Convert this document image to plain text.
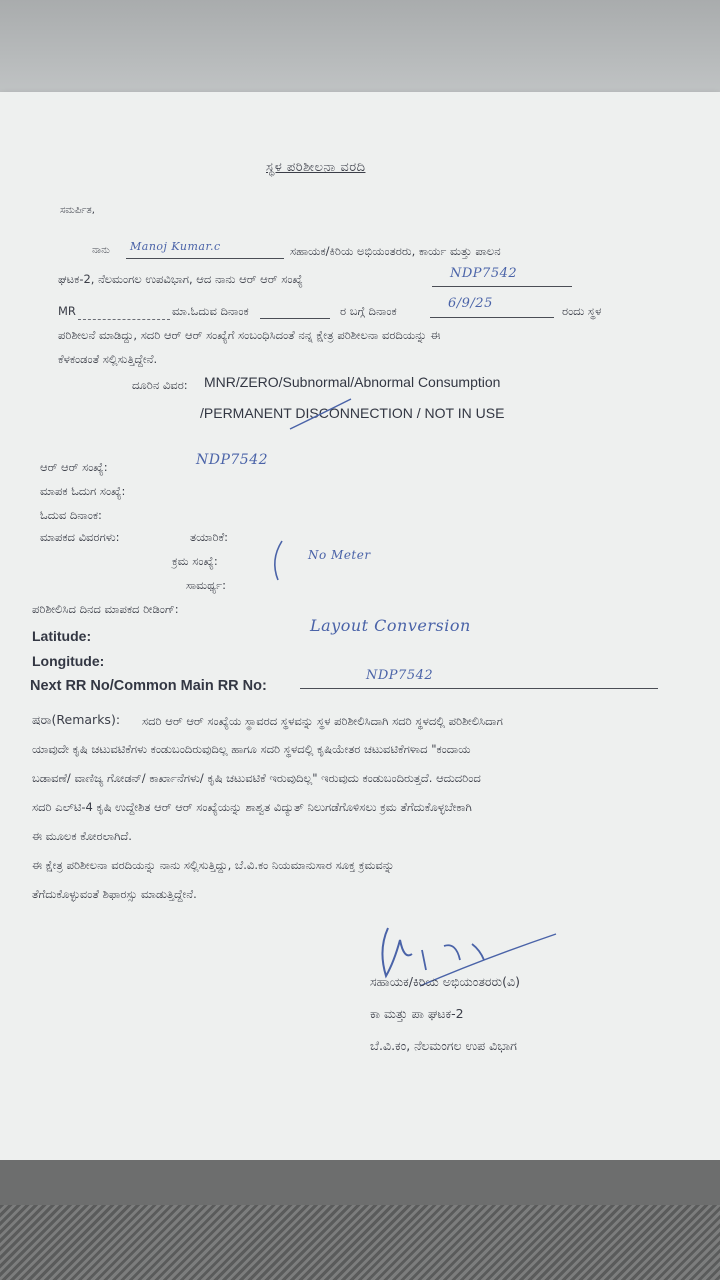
ಸ್ಥಳ ಪರಿಶೀಲನಾ ವರದಿ
ಸಮರ್ಪಿತ,
ನಾನು Manoj Kumar.c	ಸಹಾಯಕ/ಕಿರಿಯ ಅಭಿಯಂತರರು, ಕಾರ್ಯ ಮತ್ತು ಪಾಲನ
ಘಟಕ-2, ನೆಲಮಂಗಲ ಉಪವಿಭಾಗ, ಆದ ನಾನು ಆರ್ ಆರ್ ಸಂಖ್ಯೆ	NDP7542
MR	ಮಾ.ಓದುವ ದಿನಾಂಕ	ರ ಬಗ್ಗೆ ದಿನಾಂಕ	6/9/25	ರಂದು ಸ್ಥಳ
ಪರಿಶೀಲನೆ ಮಾಡಿದ್ದು, ಸದರಿ ಆರ್ ಆರ್ ಸಂಖ್ಯೆಗೆ ಸಂಬಂಧಿಸಿದಂತೆ ನನ್ನ ಕ್ಷೇತ್ರ ಪರಿಶೀಲನಾ ವರದಿಯನ್ನು ಈ
ಕೆಳಕಂಡಂತೆ ಸಲ್ಲಿಸುತ್ತಿದ್ದೇನೆ.
ದೂರಿನ ವಿವರ: MNR/ZERO/Subnormal/Abnormal Consumption
/PERMANENT DISCONNECTION / NOT IN USE
ಆರ್ ಆರ್ ಸಂಖ್ಯೆ:	NDP7542
ಮಾಪಕ ಓದುಗ ಸಂಖ್ಯೆ:
ಓದುವ ದಿನಾಂಕ:
ಮಾಪಕದ ವಿವರಗಳು:	ತಯಾರಿಕೆ:
ಕ್ರಮ ಸಂಖ್ಯೆ:
ಸಾಮರ್ಥ್ಯ:
No Meter
ಪರಿಶೀಲಿಸಿದ ದಿನದ ಮಾಪಕದ ರೀಡಿಂಗ್:
Layout Conversion
Latitude:
Longitude:
Next RR No/Common Main RR No:
NDP7542
ಷರಾ(Remarks): ಸದರಿ ಆರ್ ಆರ್ ಸಂಖ್ಯೆಯ ಸ್ಥಾವರದ ಸ್ಥಳವನ್ನು ಸ್ಥಳ ಪರಿಶೀಲಿಸಿದಾಗಿ ಸದರಿ ಸ್ಥಳದಲ್ಲಿ ಪರಿಶೀಲಿಸಿದಾಗ
ಯಾವುದೇ ಕೃಷಿ ಚಟುವಟಿಕೆಗಳು ಕಂಡುಬಂದಿರುವುದಿಲ್ಲ ಹಾಗೂ ಸದರಿ ಸ್ಥಳದಲ್ಲಿ ಕೃಷಿಯೇತರ ಚಟುವಟಿಕೆಗಳಾದ "ಕಂದಾಯ
ಬಡಾವಣೆ/ ವಾಣಿಜ್ಯ ಗೋಡನ್/ ಕಾರ್ಖಾನೆಗಳು/ ಕೃಷಿ ಚಟುವಟಿಕೆ ಇರುವುದಿಲ್ಲ" ಇರುವುದು ಕಂಡುಬಂದಿರುತ್ತದೆ. ಆದುದರಿಂದ
ಸದರಿ ಎಲ್‌ಟಿ-4 ಕೃಷಿ ಉದ್ದೇಶಿತ ಆರ್ ಆರ್ ಸಂಖ್ಯೆಯನ್ನು ಶಾಶ್ವತ ವಿದ್ಯುತ್ ನಿಲುಗಡೆಗೊಳಿಸಲು ಕ್ರಮ ತೆಗೆದುಕೊಳ್ಳಬೇಕಾಗಿ
ಈ ಮೂಲಕ ಕೋರಲಾಗಿದೆ.
ಈ ಕ್ಷೇತ್ರ ಪರಿಶೀಲನಾ ವರದಿಯನ್ನು ನಾನು ಸಲ್ಲಿಸುತ್ತಿದ್ದು, ಬೆ.ವಿ.ಕಂ ನಿಯಮಾನುಸಾರ ಸೂಕ್ತ ಕ್ರಮವನ್ನು
ತೆಗೆದುಕೊಳ್ಳುವಂತೆ ಶಿಫಾರಸ್ಸು ಮಾಡುತ್ತಿದ್ದೇನೆ.
ಸಹಾಯಕ/ಕಿರಿಯ ಅಭಿಯಂತರರು(ವಿ)
ಕಾ ಮತ್ತು ಪಾ ಘಟಕ-2
ಬೆ.ವಿ.ಕಂ, ನೆಲಮಂಗಲ ಉಪ ವಿಭಾಗ
